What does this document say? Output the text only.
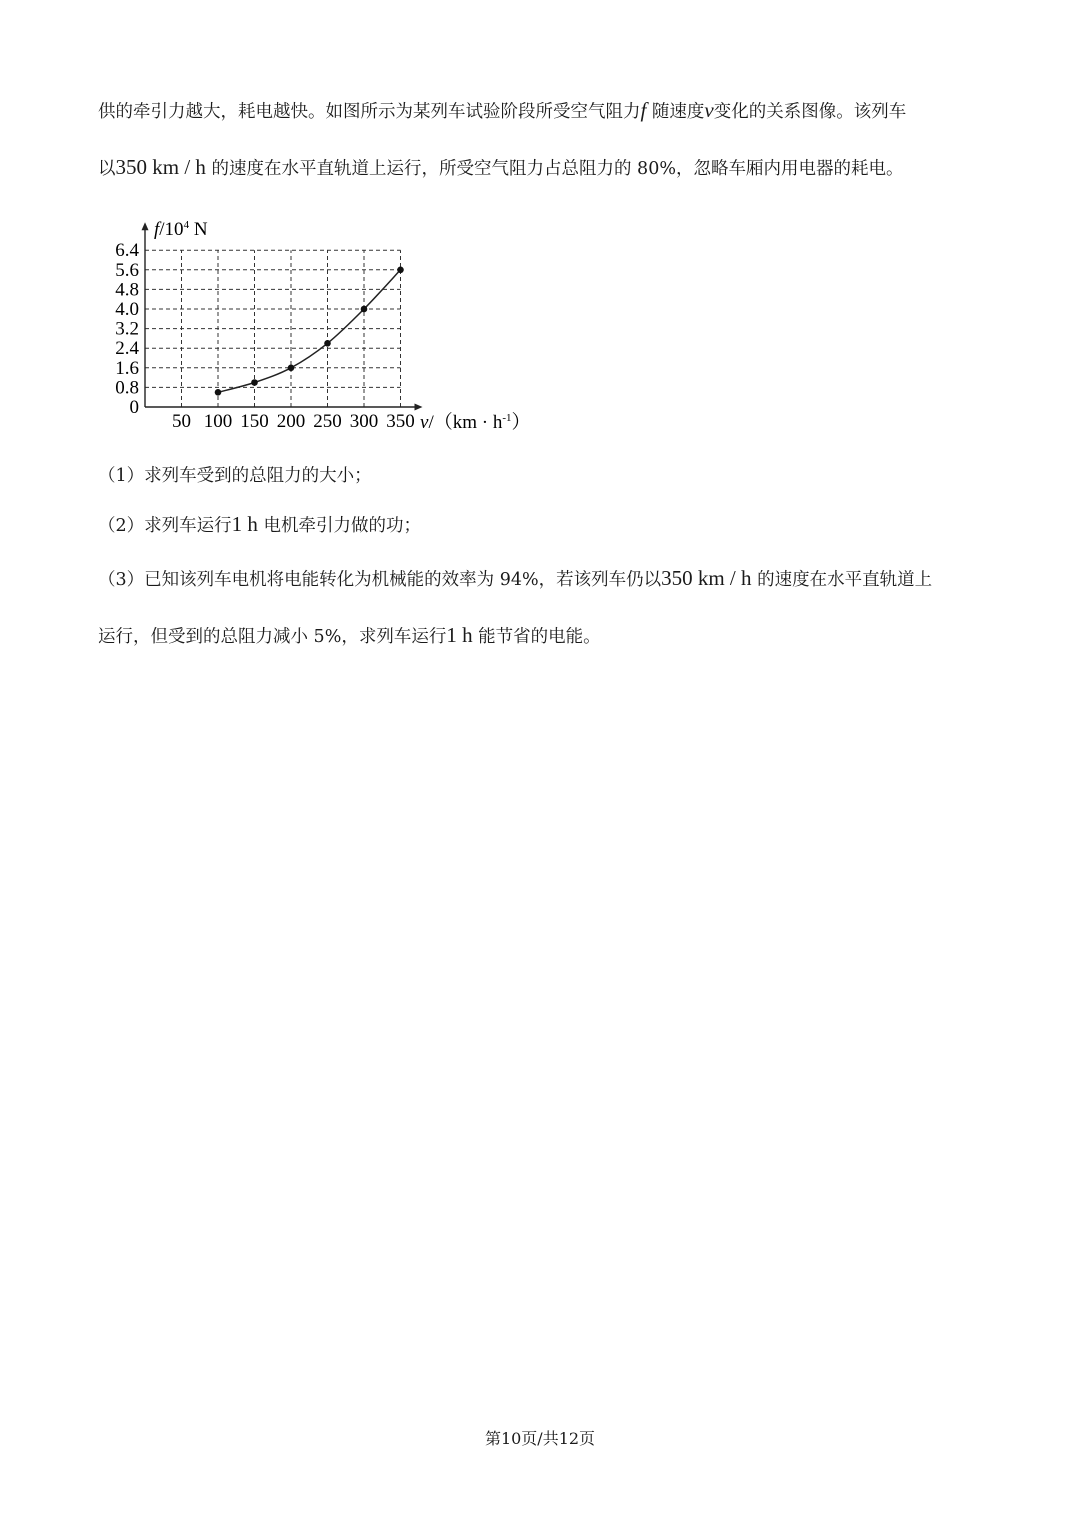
供的牵引力越大，耗电越快。如图所示为某列车试验阶段所受空气阻力f 随速度v变化的关系图像。该列车
以350 km / h 的速度在水平直轨道上运行，所受空气阻力占总阻力的 80%，忽略车厢内用电器的耗电。
0
0.8
1.6
2.4
3.2
4.0
4.8
5.6
6.4
50 100 150 200 250 300 350
$f/10^4$ N
$v/(km \cdot h^{-1})$
（1）求列车受到的总阻力的大小；
（2）求列车运行1 h 电机牵引力做的功；
（3）已知该列车电机将电能转化为机械能的效率为 94%，若该列车仍以350 km / h 的速度在水平直轨道上
运行，但受到的总阻力减小 5%，求列车运行1 h 能节省的电能。
第10页/共12页
